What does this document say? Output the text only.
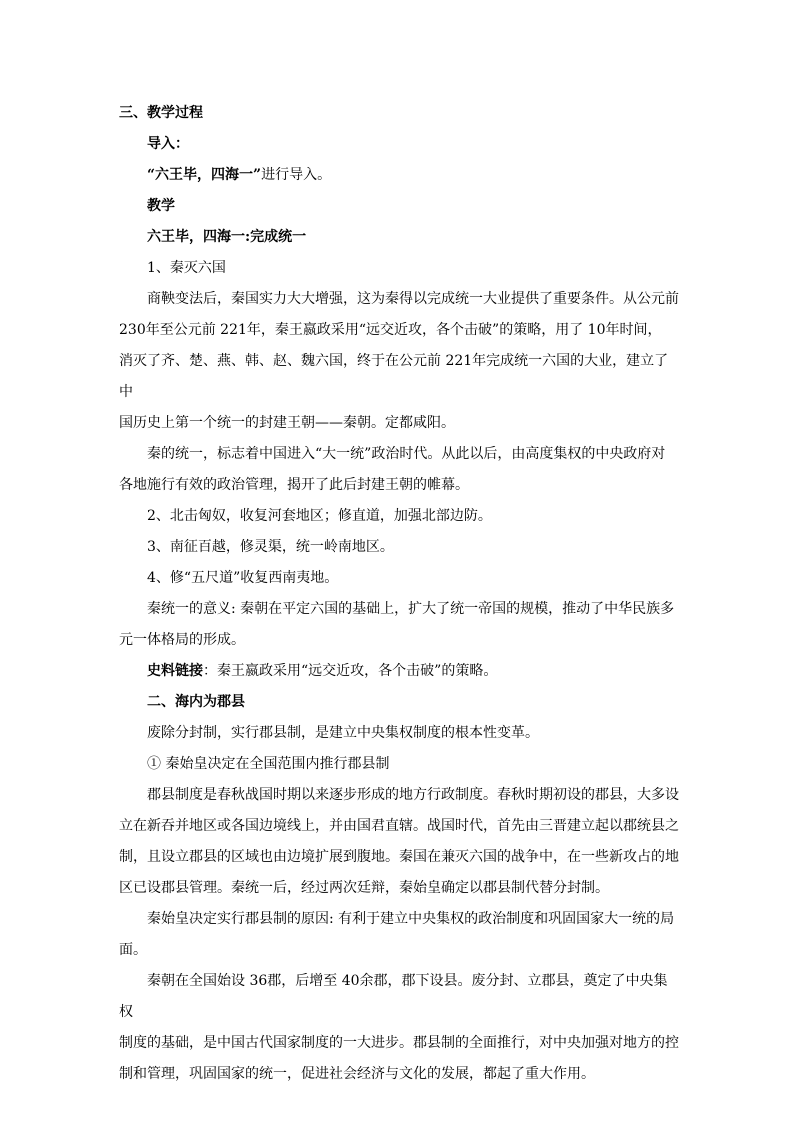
三、教学过程

导入：

“六王毕，四海一”进行导入。

教学

六王毕，四海一:完成统一

1、秦灭六国

商鞅变法后，秦国实力大大增强，这为秦得以完成统一大业提供了重要条件。从公元前

230年至公元前 221年，秦王嬴政采用“远交近攻，各个击破”的策略，用了 10年时间，

消灭了齐、楚、燕、韩、赵、魏六国，终于在公元前 221年完成统一六国的大业，建立了中

国历史上第一个统一的封建王朝——秦朝。定都咸阳。

秦的统一，标志着中国进入“大一统”政治时代。从此以后，由高度集权的中央政府对

各地施行有效的政治管理，揭开了此后封建王朝的帷幕。

2、北击匈奴，收复河套地区；修直道，加强北部边防。

3、南征百越，修灵渠，统一岭南地区。

4、修“五尺道”收复西南夷地。

秦统一的意义: 秦朝在平定六国的基础上，扩大了统一帝国的规模，推动了中华民族多

元一体格局的形成。

史料链接：秦王嬴政采用“远交近攻，各个击破”的策略。

二、海内为郡县

废除分封制，实行郡县制，是建立中央集权制度的根本性变革。

① 秦始皇决定在全国范围内推行郡县制

郡县制度是春秋战国时期以来逐步形成的地方行政制度。春秋时期初设的郡县，大多设

立在新吞并地区或各国边境线上，并由国君直辖。战国时代，首先由三晋建立起以郡统县之

制，且设立郡县的区域也由边境扩展到腹地。秦国在兼灭六国的战争中，在一些新攻占的地

区已设郡县管理。秦统一后，经过两次廷辩，秦始皇确定以郡县制代替分封制。

秦始皇决定实行郡县制的原因: 有利于建立中央集权的政治制度和巩固国家大一统的局

面。

秦朝在全国始设 36郡，后增至 40余郡，郡下设县。废分封、立郡县，奠定了中央集权

制度的基础，是中国古代国家制度的一大进步。郡县制的全面推行，对中央加强对地方的控

制和管理，巩固国家的统一，促进社会经济与文化的发展，都起了重大作用。
